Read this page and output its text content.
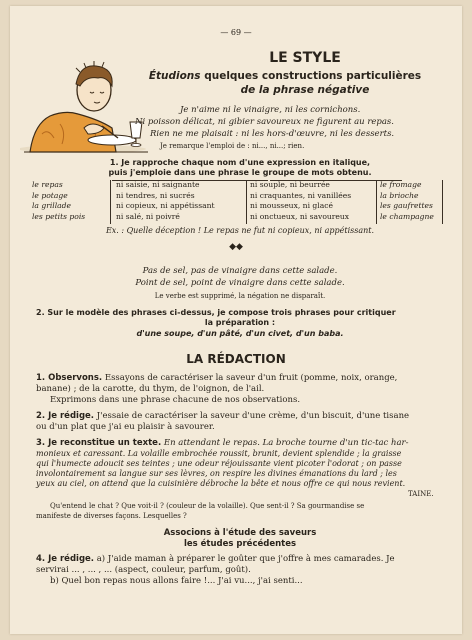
— 69 —
LE STYLE
Étudions quelques constructions particulières
de la phrase négative
Je n'aime ni le vinaigre, ni les cornichons.
Ni poisson délicat, ni gibier savoureux ne figurent au repas.
Rien ne me plaisait : ni les hors-d'œuvre, ni les desserts.
Je remarque l'emploi de : ni..., ni...; rien.
1. Je rapproche chaque nom d'une expression en italique,
puis j'emploie dans une phrase le groupe de mots obtenu.
le repas
le potage
la grillade
les petits pois
ni saisie, ni saignante
ni tendres, ni sucrés
ni copieux, ni appétissant
ni salé, ni poivré
ni souple, ni beurrée
ni craquantes, ni vanillées
ni mousseux, ni glacé
ni onctueux, ni savoureux
le fromage
la brioche
les gaufrettes
le champagne
Ex. : Quelle déception ! Le repas ne fut ni copieux, ni appétissant.
◆◆
Pas de sel, pas de vinaigre dans cette salade.
Point de sel, point de vinaigre dans cette salade.
Le verbe est supprimé, la négation ne disparaît.
2. Sur le modèle des phrases ci-dessus, je compose trois phrases pour critiquer
la préparation :
d'une soupe, d'un pâté, d'un civet, d'un baba.
LA RÉDACTION
1. Observons. Essayons de caractériser la saveur d'un fruit (pomme, noix, orange,
banane) ; de la carotte, du thym, de l'oignon, de l'ail.
Exprimons dans une phrase chacune de nos observations.
2. Je rédige. J'essaie de caractériser la saveur d'une crème, d'un biscuit, d'une tisane
ou d'un plat que j'ai eu plaisir à savourer.
3. Je reconstitue un texte. En attendant le repas. La broche tourne d'un tic-tac har-
monieux et caressant. La volaille embrochée roussit, brunit, devient splendide ; la graisse
qui l'humecte adoucit ses teintes ; une odeur réjouissante vient picoter l'odorat ; on passe
involontairement sa langue sur ses lèvres, on respire les divines émanations du lard ; les
yeux au ciel, on attend que la cuisinière débroche la bête et nous offre ce qui nous revient.
TAINE.
Qu'entend le chat ? Que voit-il ? (couleur de la volaille). Que sent-il ? Sa gourmandise se
manifeste de diverses façons. Lesquelles ?
Associons à l'étude des saveurs
les études précédentes
4. Je rédige. a) J'aide maman à préparer le goûter que j'offre à mes camarades. Je
servirai ... , ... , ... (aspect, couleur, parfum, goût).
b) Quel bon repas nous allons faire !... J'ai vu..., j'ai senti...
